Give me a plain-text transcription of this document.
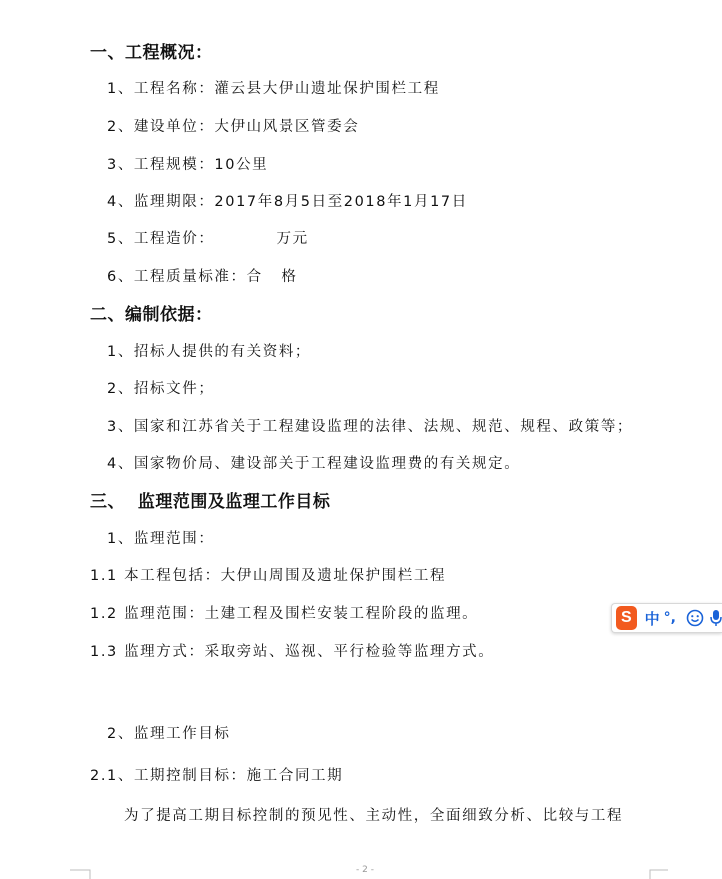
一、工程概况：
1、工程名称：灌云县大伊山遗址保护围栏工程
2、建设单位：大伊山风景区管委会
3、工程规模：10公里
4、监理期限：2017年8月5日至2018年1月17日
5、工程造价：          万元
6、工程质量标准：合   格
二、编制依据：
1、招标人提供的有关资料；
2、招标文件；
3、国家和江苏省关于工程建设监理的法律、法规、规范、规程、政策等；
4、国家物价局、建设部关于工程建设监理费的有关规定。
三、  监理范围及监理工作目标
1、监理范围：
1.1 本工程包括：大伊山周围及遗址保护围栏工程
1.2 监理范围：土建工程及围栏安装工程阶段的监理。
1.3 监理方式：采取旁站、巡视、平行检验等监理方式。
2、监理工作目标
2.1、工期控制目标：施工合同工期
为了提高工期目标控制的预见性、主动性，全面细致分析、比较与工程
- 2 -
S 中 °,
